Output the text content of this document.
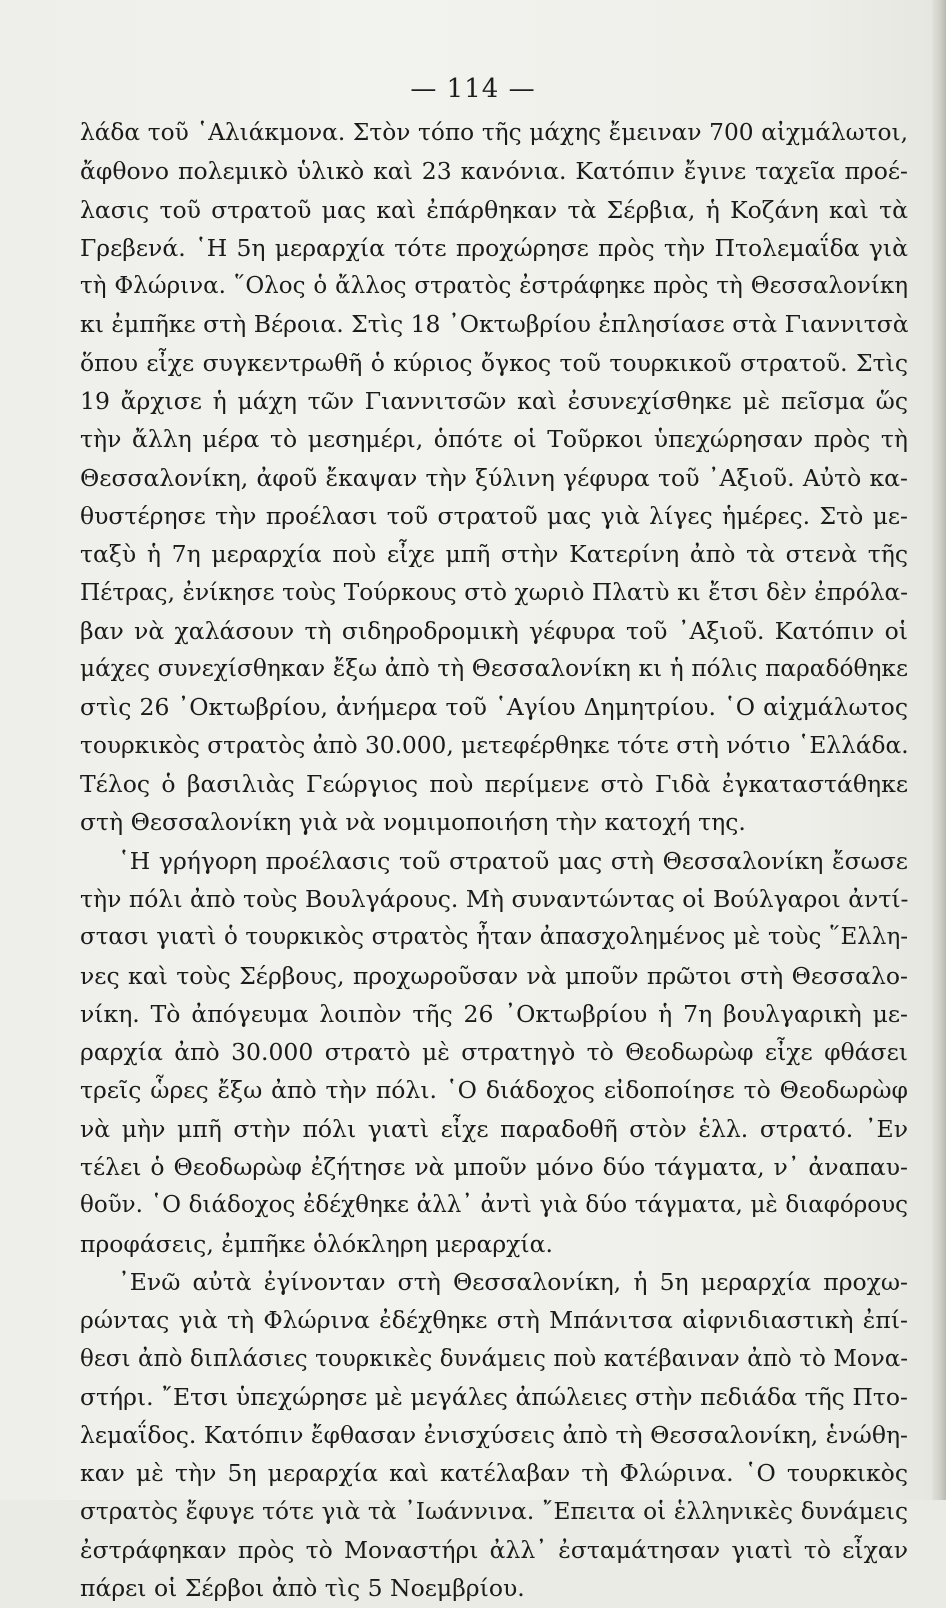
— 114 —
λάδα τοῦ ῾Αλιάκμονα. Στὸν τόπο τῆς μάχης ἔμειναν 700 αἰχμάλωτοι,
ἄφθονο πολεμικὸ ὑλικὸ καὶ 23 κανόνια. Κατόπιν ἔγινε ταχεῖα προέ-
λασις τοῦ στρατοῦ μας καὶ ἐπάρθηκαν τὰ Σέρβια, ἡ Κοζάνη καὶ τὰ
Γρεβενά. ῾Η 5η μεραρχία τότε προχώρησε πρὸς τὴν Πτολεμαΐδα γιὰ
τὴ Φλώρινα. ῞Ολος ὁ ἄλλος στρατὸς ἐστράφηκε πρὸς τὴ Θεσσαλονίκη
κι ἐμπῆκε στὴ Βέροια. Στὶς 18 ᾿Οκτωβρίου ἐπλησίασε στὰ Γιαννιτσὰ
ὅπου εἶχε συγκεντρωθῆ ὁ κύριος ὄγκος τοῦ τουρκικοῦ στρατοῦ. Στὶς
19 ἄρχισε ἡ μάχη τῶν Γιαννιτσῶν καὶ ἐσυνεχίσθηκε μὲ πεῖσμα ὥς
τὴν ἄλλη μέρα τὸ μεσημέρι, ὁπότε οἱ Τοῦρκοι ὑπεχώρησαν πρὸς τὴ
Θεσσαλονίκη, ἀφοῦ ἔκαψαν τὴν ξύλινη γέφυρα τοῦ ᾿Αξιοῦ. Αὐτὸ κα-
θυστέρησε τὴν προέλασι τοῦ στρατοῦ μας γιὰ λίγες ἡμέρες. Στὸ με-
ταξὺ ἡ 7η μεραρχία ποὺ εἶχε μπῆ στὴν Κατερίνη ἀπὸ τὰ στενὰ τῆς
Πέτρας, ἐνίκησε τοὺς Τούρκους στὸ χωριὸ Πλατὺ κι ἔτσι δὲν ἐπρόλα-
βαν νὰ χαλάσουν τὴ σιδηροδρομικὴ γέφυρα τοῦ ᾿Αξιοῦ. Κατόπιν οἱ
μάχες συνεχίσθηκαν ἔξω ἀπὸ τὴ Θεσσαλονίκη κι ἡ πόλις παραδόθηκε
στὶς 26 ᾿Οκτωβρίου, ἀνήμερα τοῦ ῾Αγίου Δημητρίου. ῾Ο αἰχμάλωτος
τουρκικὸς στρατὸς ἀπὸ 30.000, μετεφέρθηκε τότε στὴ νότιο ῾Ελλάδα.
Τέλος ὁ βασιλιὰς Γεώργιος ποὺ περίμενε στὸ Γιδὰ ἐγκαταστάθηκε
στὴ Θεσσαλονίκη γιὰ νὰ νομιμοποιήση τὴν κατοχή της.
῾Η γρήγορη προέλασις τοῦ στρατοῦ μας στὴ Θεσσαλονίκη ἔσωσε
τὴν πόλι ἀπὸ τοὺς Βουλγάρους. Μὴ συναντώντας οἱ Βούλγαροι ἀντί-
στασι γιατὶ ὁ τουρκικὸς στρατὸς ἦταν ἀπασχολημένος μὲ τοὺς ῞Ελλη-
νες καὶ τοὺς Σέρβους, προχωροῦσαν νὰ μποῦν πρῶτοι στὴ Θεσσαλο-
νίκη. Τὸ ἀπόγευμα λοιπὸν τῆς 26 ᾿Οκτωβρίου ἡ 7η βουλγαρικὴ με-
ραρχία ἀπὸ 30.000 στρατὸ μὲ στρατηγὸ τὸ Θεοδωρὼφ εἶχε φθάσει
τρεῖς ὧρες ἔξω ἀπὸ τὴν πόλι. ῾Ο διάδοχος εἰδοποίησε τὸ Θεοδωρὼφ
νὰ μὴν μπῆ στὴν πόλι γιατὶ εἶχε παραδοθῆ στὸν ἑλλ. στρατό. ᾿Εν
τέλει ὁ Θεοδωρὼφ ἐζήτησε νὰ μποῦν μόνο δύο τάγματα, ν᾿ ἀναπαυ-
θοῦν. ῾Ο διάδοχος ἐδέχθηκε ἀλλ᾿ ἀντὶ γιὰ δύο τάγματα, μὲ διαφόρους
προφάσεις, ἐμπῆκε ὁλόκληρη μεραρχία.
᾿Ενῶ αὐτὰ ἐγίνονταν στὴ Θεσσαλονίκη, ἡ 5η μεραρχία προχω-
ρώντας γιὰ τὴ Φλώρινα ἐδέχθηκε στὴ Μπάνιτσα αἰφνιδιαστικὴ ἐπί-
θεσι ἀπὸ διπλάσιες τουρκικὲς δυνάμεις ποὺ κατέβαιναν ἀπὸ τὸ Μονα-
στήρι. ῎Ετσι ὑπεχώρησε μὲ μεγάλες ἀπώλειες στὴν πεδιάδα τῆς Πτο-
λεμαΐδος. Κατόπιν ἔφθασαν ἐνισχύσεις ἀπὸ τὴ Θεσσαλονίκη, ἑνώθη-
καν μὲ τὴν 5η μεραρχία καὶ κατέλαβαν τὴ Φλώρινα. ῾Ο τουρκικὸς
στρατὸς ἔφυγε τότε γιὰ τὰ ᾿Ιωάννινα. ῎Επειτα οἱ ἑλληνικὲς δυνάμεις
ἐστράφηκαν πρὸς τὸ Μοναστήρι ἀλλ᾿ ἐσταμάτησαν γιατὶ τὸ εἶχαν
πάρει οἱ Σέρβοι ἀπὸ τὶς 5 Νοεμβρίου.
